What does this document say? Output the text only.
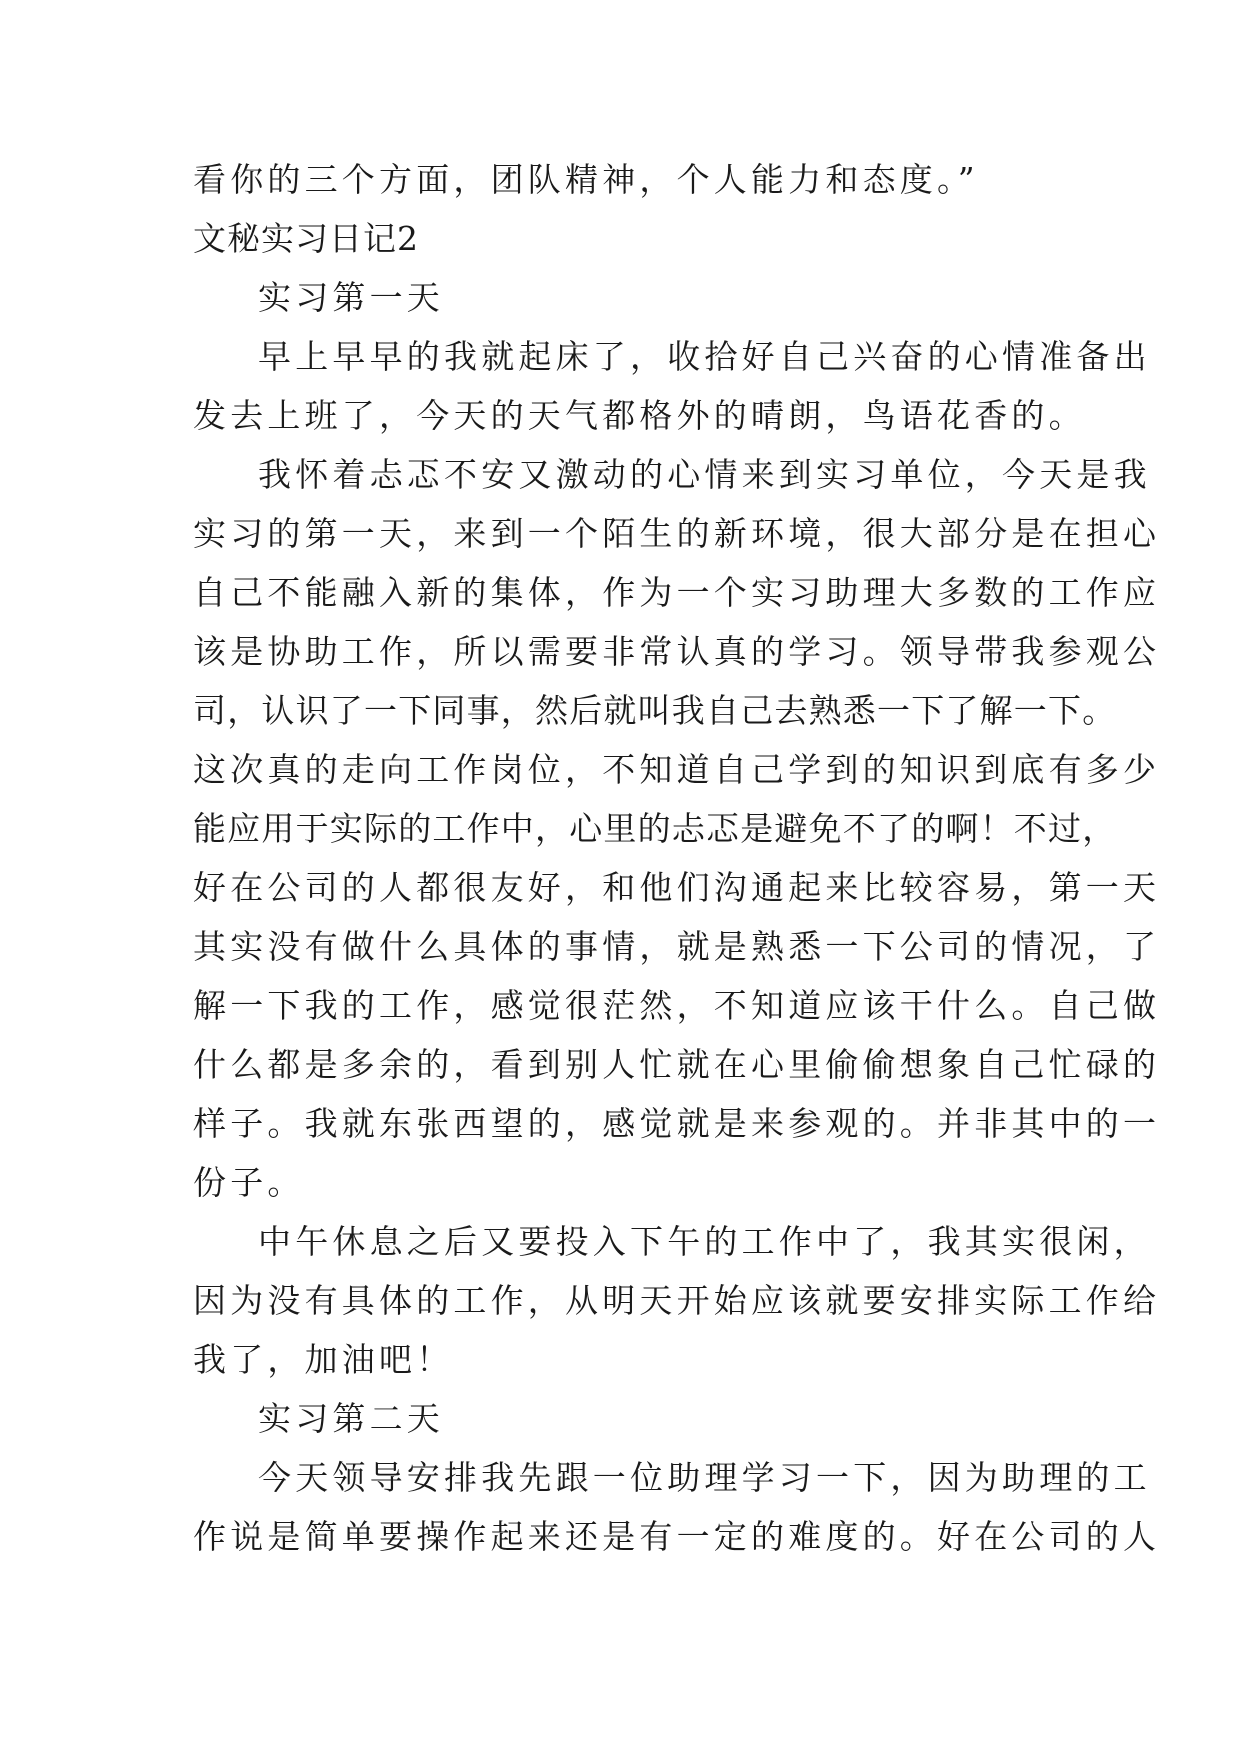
看你的三个方面，团队精神，个人能力和态度。”
文秘实习日记2
实习第一天
早上早早的我就起床了，收拾好自己兴奋的心情准备出
发去上班了，今天的天气都格外的晴朗，鸟语花香的。
我怀着忐忑不安又激动的心情来到实习单位，今天是我
实习的第一天，来到一个陌生的新环境，很大部分是在担心
自己不能融入新的集体，作为一个实习助理大多数的工作应
该是协助工作，所以需要非常认真的学习。领导带我参观公
司，认识了一下同事，然后就叫我自己去熟悉一下了解一下。
这次真的走向工作岗位，不知道自己学到的知识到底有多少
能应用于实际的工作中，心里的忐忑是避免不了的啊！不过，
好在公司的人都很友好，和他们沟通起来比较容易，第一天
其实没有做什么具体的事情，就是熟悉一下公司的情况，了
解一下我的工作，感觉很茫然，不知道应该干什么。自己做
什么都是多余的，看到别人忙就在心里偷偷想象自己忙碌的
样子。我就东张西望的，感觉就是来参观的。并非其中的一
份子。
中午休息之后又要投入下午的工作中了，我其实很闲，
因为没有具体的工作，从明天开始应该就要安排实际工作给
我了，加油吧！
实习第二天
今天领导安排我先跟一位助理学习一下，因为助理的工
作说是简单要操作起来还是有一定的难度的。好在公司的人
